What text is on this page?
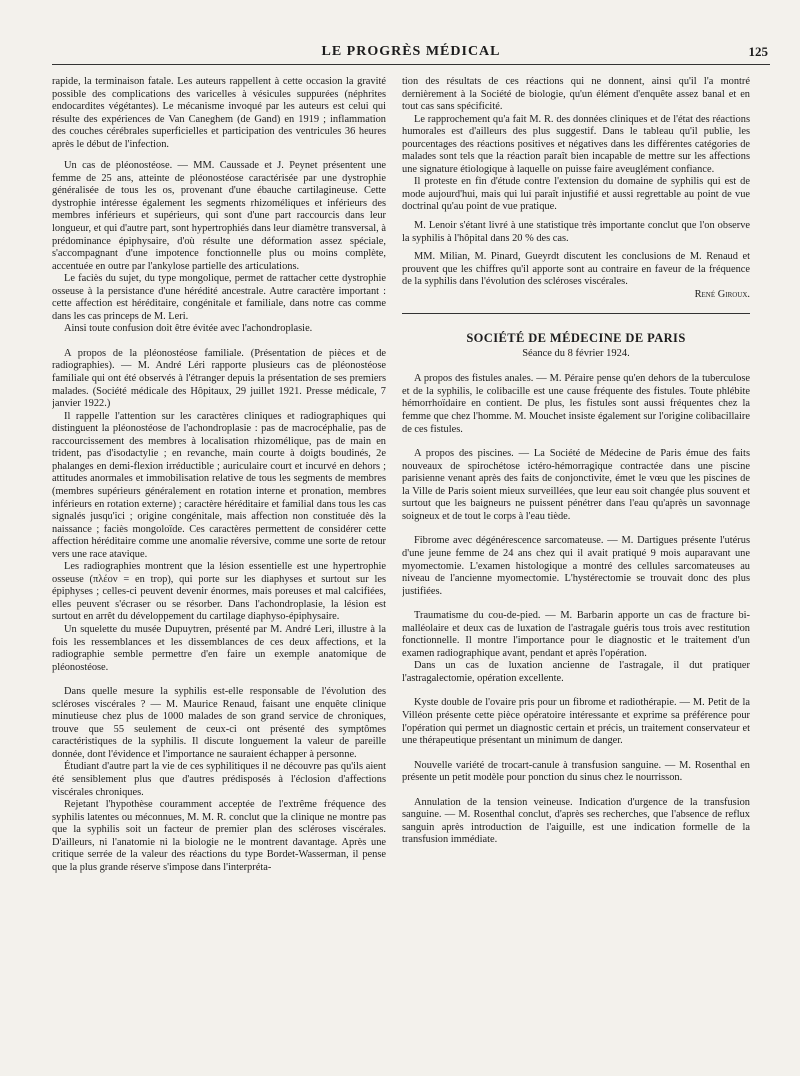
LE PROGRÈS MÉDICAL	125

rapide, la terminaison fatale. Les auteurs rappellent à cette occasion la gravité possible des complications des varicelles à vésicules suppurées (néphrites endocardites végétantes). Le mécanisme invoqué par les auteurs est celui qui résulte des expériences de Van Caneghem (de Gand) en 1919 ; inflammation des couches cérébrales superficielles et participation des ventricules 36 heures après le début de l'infection.

Un cas de pléonostéose. — MM. Caussade et J. Peynet présentent une femme de 25 ans, atteinte de pléonostéose caractérisée par une dystrophie généralisée de tous les os, provenant d'une ébauche cartilagineuse. Cette dystrophie intéresse également les segments rhizoméliques et inférieurs des membres inférieurs et supérieurs, qui sont d'une part raccourcis dans leur longueur, et qui d'autre part, sont hypertrophiés dans leur diamètre transversal, à prédominance épiphysaire, d'où résulte une déformation assez spéciale, s'accompagnant d'une impotence fonctionnelle plus ou moins complète, accentuée en outre par l'ankylose partielle des articulations.

Le faciès du sujet, du type mongolique, permet de rattacher cette dystrophie osseuse à la persistance d'une hérédité ancestrale. Autre caractère important : cette affection est héréditaire, congénitale et familiale, dans notre cas comme dans les cas princeps de M. Leri.

Ainsi toute confusion doit être évitée avec l'achondroplasie.

A propos de la pléonostéose familiale. (Présentation de pièces et de radiographies). — M. André Léri rapporte plusieurs cas de pléonostéose familiale qui ont été observés à l'étranger depuis la présentation de ses premiers malades. (Société médicale des Hôpitaux, 29 juillet 1921. Presse médicale, 7 janvier 1922.)

Il rappelle l'attention sur les caractères cliniques et radiographiques qui distinguent la pléonostéose de l'achondroplasie : pas de macrocéphalie, pas de raccourcissement des membres à localisation rhizomélique, pas de main en trident, pas d'isodactylie ; en revanche, main courte à doigts boudinés, 2e phalanges en demi-flexion irréductible ; auriculaire court et incurvé en dehors ; attitudes anormales et immobilisation relative de tous les segments de membres (membres supérieurs généralement en rotation interne et pronation, membres inférieurs en rotation externe) ; caractère héréditaire et familial dans tous les cas signalés jusqu'ici ; origine congénitale, mais affection non constituée dès la naissance ; faciès mongoloïde. Ces caractères permettent de considérer cette affection héréditaire comme une anomalie réversive, comme une sorte de retour vers une race atavique.

Les radiographies montrent que la lésion essentielle est une hypertrophie osseuse (πλέον = en trop), qui porte sur les diaphyses et surtout sur les épiphyses ; celles-ci peuvent devenir énormes, mais poreuses et mal calcifiées, elles peuvent s'écraser ou se résorber. Dans l'achondroplasie, la lésion est surtout en arrêt du développement du cartilage diaphyso-épiphysaire.

Un squelette du musée Dupuytren, présenté par M. André Leri, illustre à la fois les ressemblances et les dissemblances de ces deux affections, et la radiographie semble permettre d'en faire un exemple anatomique de pléonostéose.

Dans quelle mesure la syphilis est-elle responsable de l'évolution des scléroses viscérales ? — M. Maurice Renaud, faisant une enquête clinique minutieuse chez plus de 1000 malades de son grand service de chroniques, trouve que 55 seulement de ceux-ci ont présenté des symptômes caractéristiques de la syphilis. Il discute longuement la valeur de pareille donnée, dont l'évidence et l'importance ne sauraient échapper à personne.

Étudiant d'autre part la vie de ces syphilitiques il ne découvre pas qu'ils aient été sensiblement plus que d'autres prédisposés à l'éclosion d'affections viscérales chroniques.

Rejetant l'hypothèse couramment acceptée de l'extrême fréquence des syphilis latentes ou méconnues, M. M. R. conclut que la clinique ne montre pas que la syphilis soit un facteur de premier plan des scléroses viscérales. D'ailleurs, ni l'anatomie ni la biologie ne le montrent davantage. Après une critique serrée de la valeur des réactions du type Bordet-Wasserman, il pense que la plus grande réserve s'impose dans l'interpréta-

tion des résultats de ces réactions qui ne donnent, ainsi qu'il l'a montré dernièrement à la Société de biologie, qu'un élément d'enquête assez banal et en tout cas sans spécificité.

Le rapprochement qu'a fait M. R. des données cliniques et de l'état des réactions humorales est d'ailleurs des plus suggestif. Dans le tableau qu'il publie, les pourcentages des réactions positives et négatives dans les différentes catégories de malades sont tels que la réaction paraît bien incapable de mettre sur les affections une signature étiologique à laquelle on puisse faire aveuglément confiance.

Il proteste en fin d'étude contre l'extension du domaine de syphilis qui est de mode aujourd'hui, mais qui lui paraît injustifié et aussi regrettable au point de vue doctrinal qu'au point de vue pratique.

M. Lenoir s'étant livré à une statistique très importante conclut que l'on observe la syphilis à l'hôpital dans 20 % des cas.

MM. Milian, M. Pinard, Gueyrdt discutent les conclusions de M. Renaud et prouvent que les chiffres qu'il apporte sont au contraire en faveur de la fréquence de la syphilis dans l'évolution des scléroses viscérales.

René Giroux.

SOCIÉTÉ DE MÉDECINE DE PARIS
Séance du 8 février 1924.

A propos des fistules anales. — M. Péraire pense qu'en dehors de la tuberculose et de la syphilis, le colibacille est une cause fréquente des fistules. Toute phlébite hémorrhoïdaire en contient. De plus, les fistules sont aussi fréquentes chez la femme que chez l'homme. M. Mouchet insiste également sur l'origine colibacillaire de ces fistules.

A propos des piscines. — La Société de Médecine de Paris émue des faits nouveaux de spirochétose ictéro-hémorragique contractée dans une piscine parisienne venant après des faits de conjonctivite, émet le vœu que les piscines de la Ville de Paris soient mieux surveillées, que leur eau soit changée plus souvent et surtout que les baigneurs ne puissent pénétrer dans l'eau qu'après un savonnage soigneux et de tout le corps à l'eau tiède.

Fibrome avec dégénérescence sarcomateuse. — M. Dartigues présente l'utérus d'une jeune femme de 24 ans chez qui il avait pratiqué 9 mois auparavant une myomectomie. L'examen histologique a montré des cellules sarcomateuses au niveau de l'ancienne myomectomie. L'hystérectomie se trouvait donc des plus justifiées.

Traumatisme du cou-de-pied. — M. Barbarin apporte un cas de fracture bi-malléolaire et deux cas de luxation de l'astragale guéris tous trois avec restitution fonctionnelle. Il montre l'importance pour le diagnostic et le traitement d'un examen radiographique avant, pendant et après l'opération.

Dans un cas de luxation ancienne de l'astragale, il dut pratiquer l'astragalectomie, opération excellente.

Kyste double de l'ovaire pris pour un fibrome et radiothérapie. — M. Petit de la Villéon présente cette pièce opératoire intéressante et exprime sa préférence pour l'opération qui permet un diagnostic certain et précis, un traitement conservateur et une thérapeutique présentant un minimum de danger.

Nouvelle variété de trocart-canule à transfusion sanguine. — M. Rosenthal en présente un petit modèle pour ponction du sinus chez le nourrisson.

Annulation de la tension veineuse. Indication d'urgence de la transfusion sanguine. — M. Rosenthal conclut, d'après ses recherches, que l'absence de reflux sanguin après introduction de l'aiguille, est une indication formelle de la transfusion immédiate.
